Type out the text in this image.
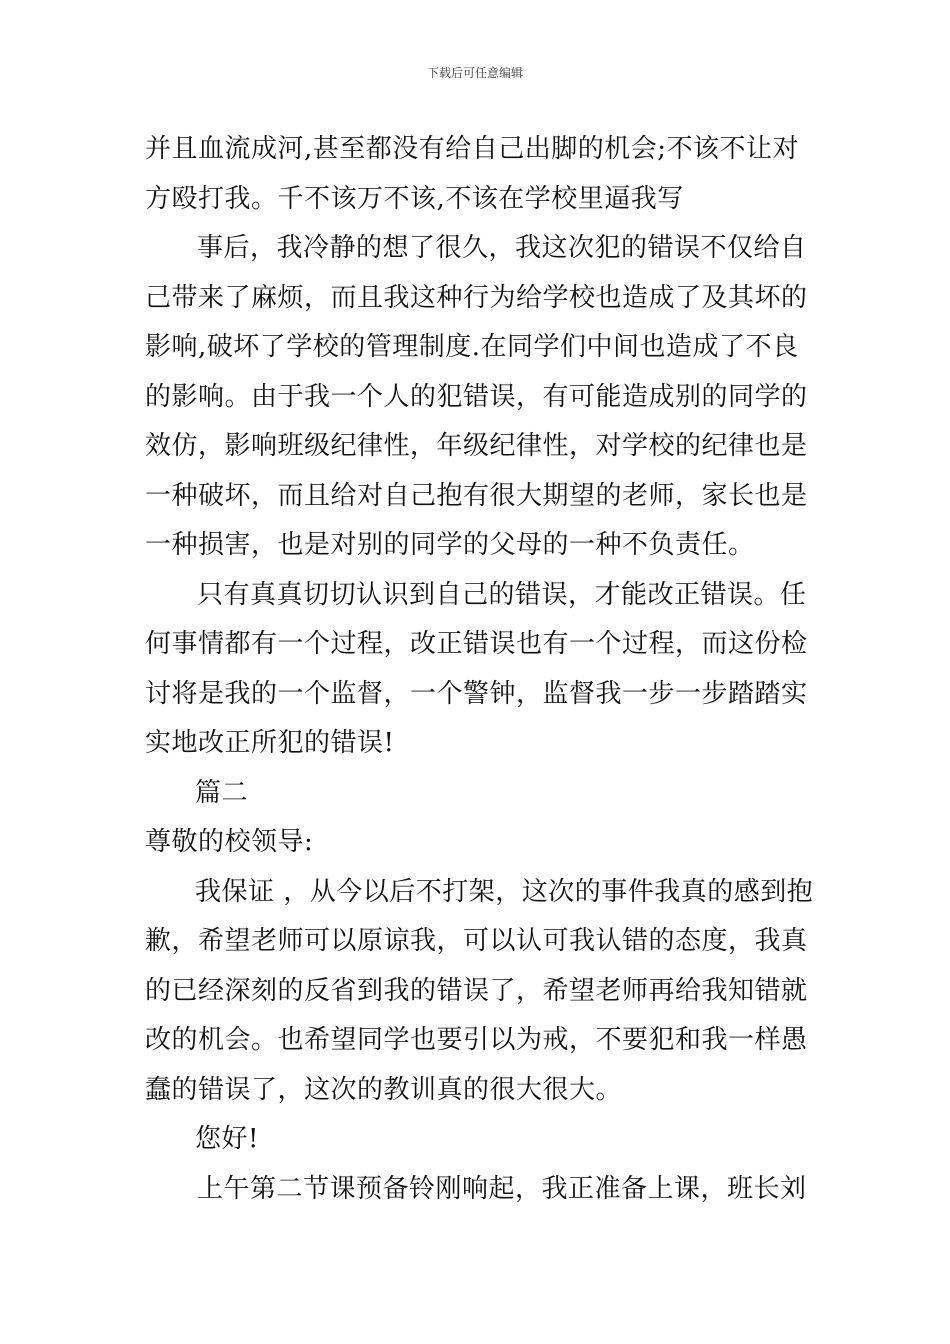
下载后可任意编辑
并且血流成河,甚至都没有给自己出脚的机会;不该不让对
方殴打我。千不该万不该,不该在学校里逼我写
事后，我冷静的想了很久，我这次犯的错误不仅给自
己带来了麻烦，而且我这种行为给学校也造成了及其坏的
影响,破坏了学校的管理制度.在同学们中间也造成了不良
的影响。由于我一个人的犯错误，有可能造成别的同学的
效仿，影响班级纪律性，年级纪律性，对学校的纪律也是
一种破坏，而且给对自己抱有很大期望的老师，家长也是
一种损害，也是对别的同学的父母的一种不负责任。
只有真真切切认识到自己的错误，才能改正错误。任
何事情都有一个过程，改正错误也有一个过程，而这份检
讨将是我的一个监督，一个警钟，监督我一步一步踏踏实
实地改正所犯的错误!
篇二
尊敬的校领导:
我保证 ，从今以后不打架，这次的事件我真的感到抱
歉，希望老师可以原谅我，可以认可我认错的态度，我真
的已经深刻的反省到我的错误了，希望老师再给我知错就
改的机会。也希望同学也要引以为戒，不要犯和我一样愚
蠢的错误了，这次的教训真的很大很大。
您好!
上午第二节课预备铃刚响起，我正准备上课，班长刘
